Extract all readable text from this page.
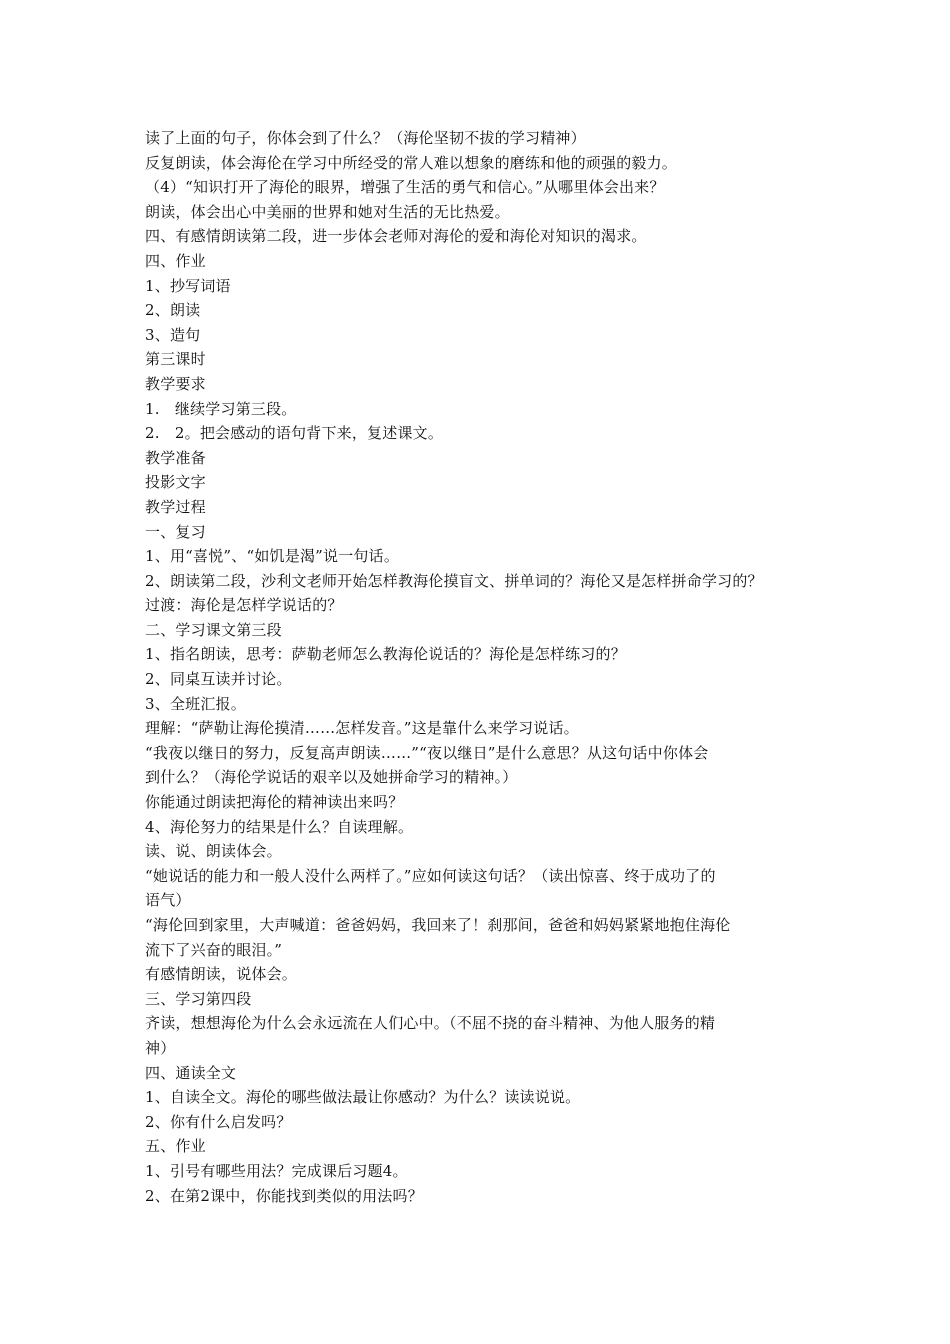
读了上面的句子，你体会到了什么？（海伦坚韧不拔的学习精神）
反复朗读，体会海伦在学习中所经受的常人难以想象的磨练和他的顽强的毅力。
（4）“知识打开了海伦的眼界，增强了生活的勇气和信心。”从哪里体会出来？
朗读，体会出心中美丽的世界和她对生活的无比热爱。
四、有感情朗读第二段，进一步体会老师对海伦的爱和海伦对知识的渴求。
四、作业
1、抄写词语
2、朗读
3、造句
第三课时
教学要求
1.　继续学习第三段。
2.　2。把会感动的语句背下来，复述课文。
教学准备
投影文字
教学过程
一、复习
1、用“喜悦”、“如饥是渴”说一句话。
2、朗读第二段，沙利文老师开始怎样教海伦摸盲文、拼单词的？海伦又是怎样拼命学习的？
过渡：海伦是怎样学说话的？
二、学习课文第三段
1、指名朗读，思考：萨勒老师怎么教海伦说话的？海伦是怎样练习的？
2、同桌互读并讨论。
3、全班汇报。
理解：“萨勒让海伦摸清……怎样发音。”这是靠什么来学习说话。
“我夜以继日的努力，反复高声朗读……”“夜以继日”是什么意思？从这句话中你体会
到什么？（海伦学说话的艰辛以及她拼命学习的精神。）
你能通过朗读把海伦的精神读出来吗？
4、海伦努力的结果是什么？自读理解。
读、说、朗读体会。
“她说话的能力和一般人没什么两样了。”应如何读这句话？（读出惊喜、终于成功了的
语气）
“海伦回到家里，大声喊道：爸爸妈妈，我回来了！刹那间，爸爸和妈妈紧紧地抱住海伦
流下了兴奋的眼泪。”
有感情朗读，说体会。
三、学习第四段
齐读，想想海伦为什么会永远流在人们心中。（不屈不挠的奋斗精神、为他人服务的精
神）
四、通读全文
1、自读全文。海伦的哪些做法最让你感动？为什么？读读说说。
2、你有什么启发吗？
五、作业
1、引号有哪些用法？完成课后习题4。
2、在第2课中，你能找到类似的用法吗？
